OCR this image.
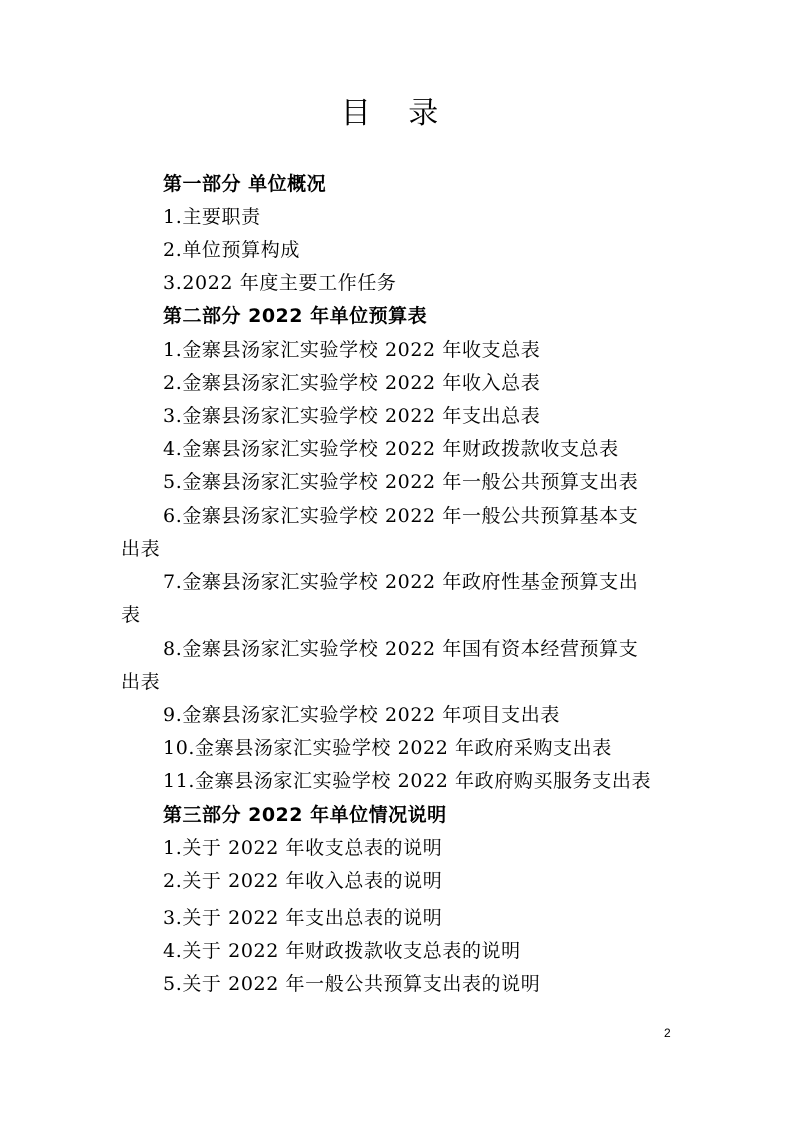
目 录
第一部分 单位概况
1.主要职责
2.单位预算构成
3.2022 年度主要工作任务
第二部分 2022 年单位预算表
1.金寨县汤家汇实验学校 2022 年收支总表
2.金寨县汤家汇实验学校 2022 年收入总表
3.金寨县汤家汇实验学校 2022 年支出总表
4.金寨县汤家汇实验学校 2022 年财政拨款收支总表
5.金寨县汤家汇实验学校 2022 年一般公共预算支出表
6.金寨县汤家汇实验学校 2022 年一般公共预算基本支
出表
7.金寨县汤家汇实验学校 2022 年政府性基金预算支出
表
8.金寨县汤家汇实验学校 2022 年国有资本经营预算支
出表
9.金寨县汤家汇实验学校 2022 年项目支出表
10.金寨县汤家汇实验学校 2022 年政府采购支出表
11.金寨县汤家汇实验学校 2022 年政府购买服务支出表
第三部分 2022 年单位情况说明
1.关于 2022 年收支总表的说明
2.关于 2022 年收入总表的说明
3.关于 2022 年支出总表的说明
4.关于 2022 年财政拨款收支总表的说明
5.关于 2022 年一般公共预算支出表的说明
2
